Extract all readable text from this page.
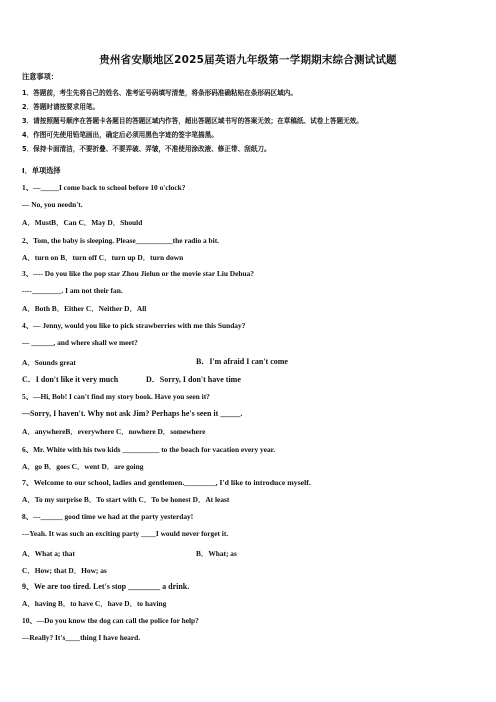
贵州省安顺地区2025届英语九年级第一学期期末综合测试试题
注意事项：
1．答题前，考生先将自己的姓名、准考证号码填写清楚，将条形码准确粘贴在条形码区域内。
2．答题时请按要求用笔。
3．请按照题号顺序在答题卡各题目的答题区域内作答，超出答题区域书写的答案无效；在草稿纸、试卷上答题无效。
4．作图可先使用铅笔画出，确定后必须用黑色字迹的签字笔描黑。
5．保持卡面清洁，不要折叠、不要弄破、弄皱，不准使用涂改液、修正带、刮纸刀。
Ⅰ．单项选择
1、—_____I come back to school before 10 o'clock?
— No, you needn't.
A．MustB．Can C．May D．Should
2、Tom, the baby is sleeping. Please__________the radio a bit.
A．turn on B．turn off C．turn up D．turn down
3、---- Do you like the pop star Zhou Jielun or the movie star Liu Dehua?
----________. I am not their fan.
A．Both B．Either C．Neither D．All
4、— Jenny, would you like to pick strawberries with me this Sunday?
— ______, and where shall we meet?
A．Sounds great	B．I'm afraid I can't come
C．I don't like it very much	D．Sorry, I don't have time
5、—Hi, Bob! I can't find my story book. Have you seen it?
—Sorry, I haven't. Why not ask Jim? Perhaps he's seen it _____.
A．anywhereB．everywhere C．nowhere D．somewhere
6、Mr. White with his two kids __________ to the beach for vacation every year.
A．go B．goes C．went D．are going
7、Welcome to our school, ladies and gentlemen.________, I'd like to introduce myself.
A．To my surprise B．To start with C．To be honest D．At least
8、---______ good time we had at the party yesterday!
---Yeah. It was such an exciting party ____I would never forget it.
A．What a; that	B．What; as
C．How; that D．How; as
9、We are too tired. Let's stop ________ a drink.
A．having B．to have C．have D．to having
10、—Do you know the dog can call the police for help?
—Really? It's____thing I have heard.
